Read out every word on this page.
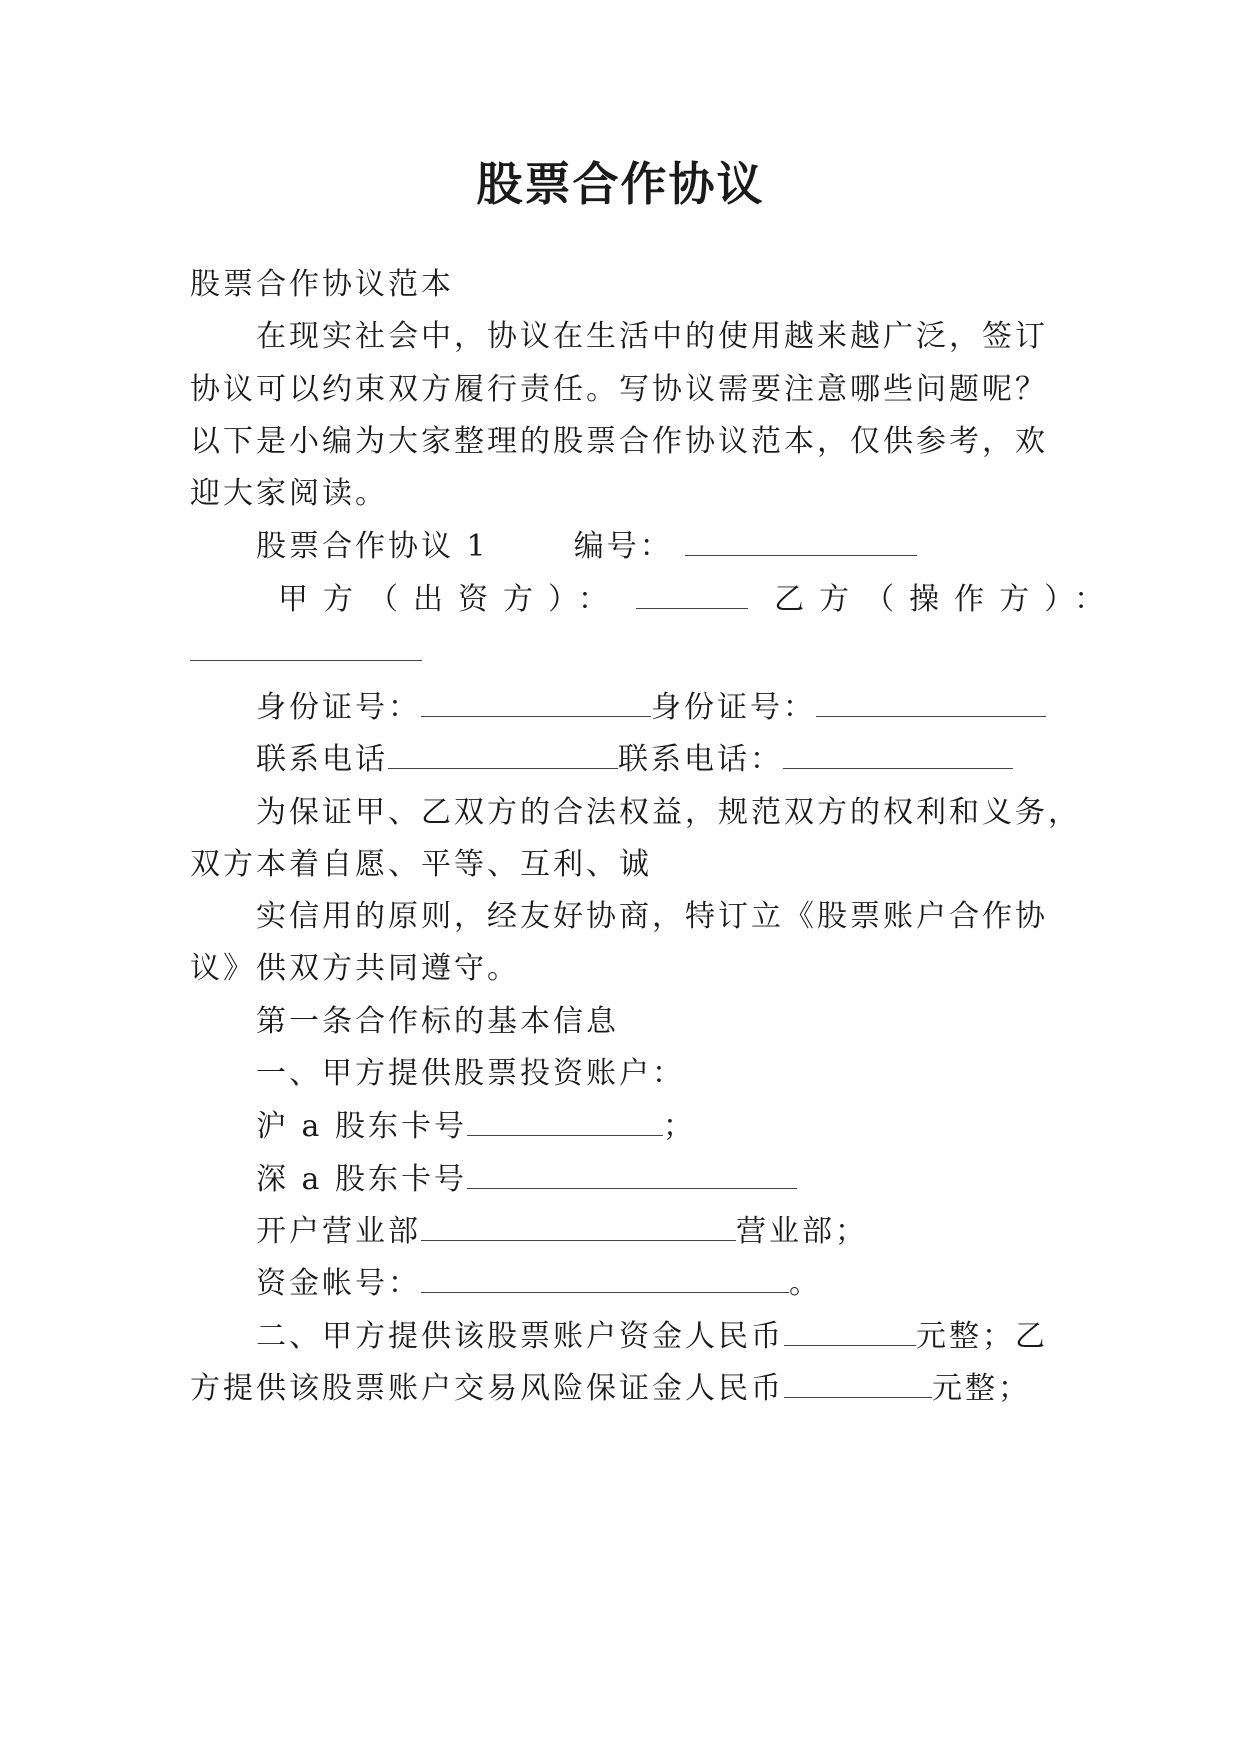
股票合作协议
股票合作协议范本
在现实社会中，协议在生活中的使用越来越广泛，签订
协议可以约束双方履行责任。写协议需要注意哪些问题呢？
以下是小编为大家整理的股票合作协议范本，仅供参考，欢
迎大家阅读。
股票合作协议 1	编号：
甲方（出资方）：	乙方（操作方）：
身份证号：	身份证号：
联系电话	联系电话：
为保证甲、乙双方的合法权益，规范双方的权利和义务，
双方本着自愿、平等、互利、诚
实信用的原则，经友好协商，特订立《股票账户合作协
议》供双方共同遵守。
第一条合作标的基本信息
一、甲方提供股票投资账户：
沪 a 股东卡号	；
深 a 股东卡号
开户营业部	营业部；
资金帐号：	。
二、甲方提供该股票账户资金人民币	元整；乙
方提供该股票账户交易风险保证金人民币	元整；
